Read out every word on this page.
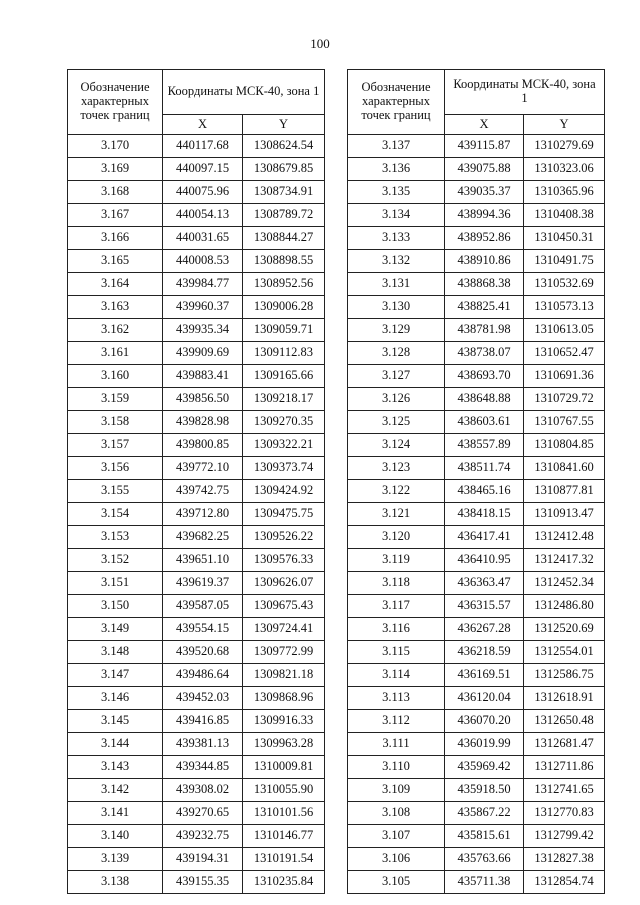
100
Обозначение характерных точек границ	Координаты МСК-40, зона 1	
	X	Y
3.170	440117.68	1308624.54
3.169	440097.15	1308679.85
3.168	440075.96	1308734.91
3.167	440054.13	1308789.72
3.166	440031.65	1308844.27
3.165	440008.53	1308898.55
3.164	439984.77	1308952.56
3.163	439960.37	1309006.28
3.162	439935.34	1309059.71
3.161	439909.69	1309112.83
3.160	439883.41	1309165.66
3.159	439856.50	1309218.17
3.158	439828.98	1309270.35
3.157	439800.85	1309322.21
3.156	439772.10	1309373.74
3.155	439742.75	1309424.92
3.154	439712.80	1309475.75
3.153	439682.25	1309526.22
3.152	439651.10	1309576.33
3.151	439619.37	1309626.07
3.150	439587.05	1309675.43
3.149	439554.15	1309724.41
3.148	439520.68	1309772.99
3.147	439486.64	1309821.18
3.146	439452.03	1309868.96
3.145	439416.85	1309916.33
3.144	439381.13	1309963.28
3.143	439344.85	1310009.81
3.142	439308.02	1310055.90
3.141	439270.65	1310101.56
3.140	439232.75	1310146.77
3.139	439194.31	1310191.54
3.138	439155.35	1310235.84
Обозначение характерных точек границ	Координаты МСК-40, зона 1	
	X	Y
3.137	439115.87	1310279.69
3.136	439075.88	1310323.06
3.135	439035.37	1310365.96
3.134	438994.36	1310408.38
3.133	438952.86	1310450.31
3.132	438910.86	1310491.75
3.131	438868.38	1310532.69
3.130	438825.41	1310573.13
3.129	438781.98	1310613.05
3.128	438738.07	1310652.47
3.127	438693.70	1310691.36
3.126	438648.88	1310729.72
3.125	438603.61	1310767.55
3.124	438557.89	1310804.85
3.123	438511.74	1310841.60
3.122	438465.16	1310877.81
3.121	438418.15	1310913.47
3.120	436417.41	1312412.48
3.119	436410.95	1312417.32
3.118	436363.47	1312452.34
3.117	436315.57	1312486.80
3.116	436267.28	1312520.69
3.115	436218.59	1312554.01
3.114	436169.51	1312586.75
3.113	436120.04	1312618.91
3.112	436070.20	1312650.48
3.111	436019.99	1312681.47
3.110	435969.42	1312711.86
3.109	435918.50	1312741.65
3.108	435867.22	1312770.83
3.107	435815.61	1312799.42
3.106	435763.66	1312827.38
3.105	435711.38	1312854.74
